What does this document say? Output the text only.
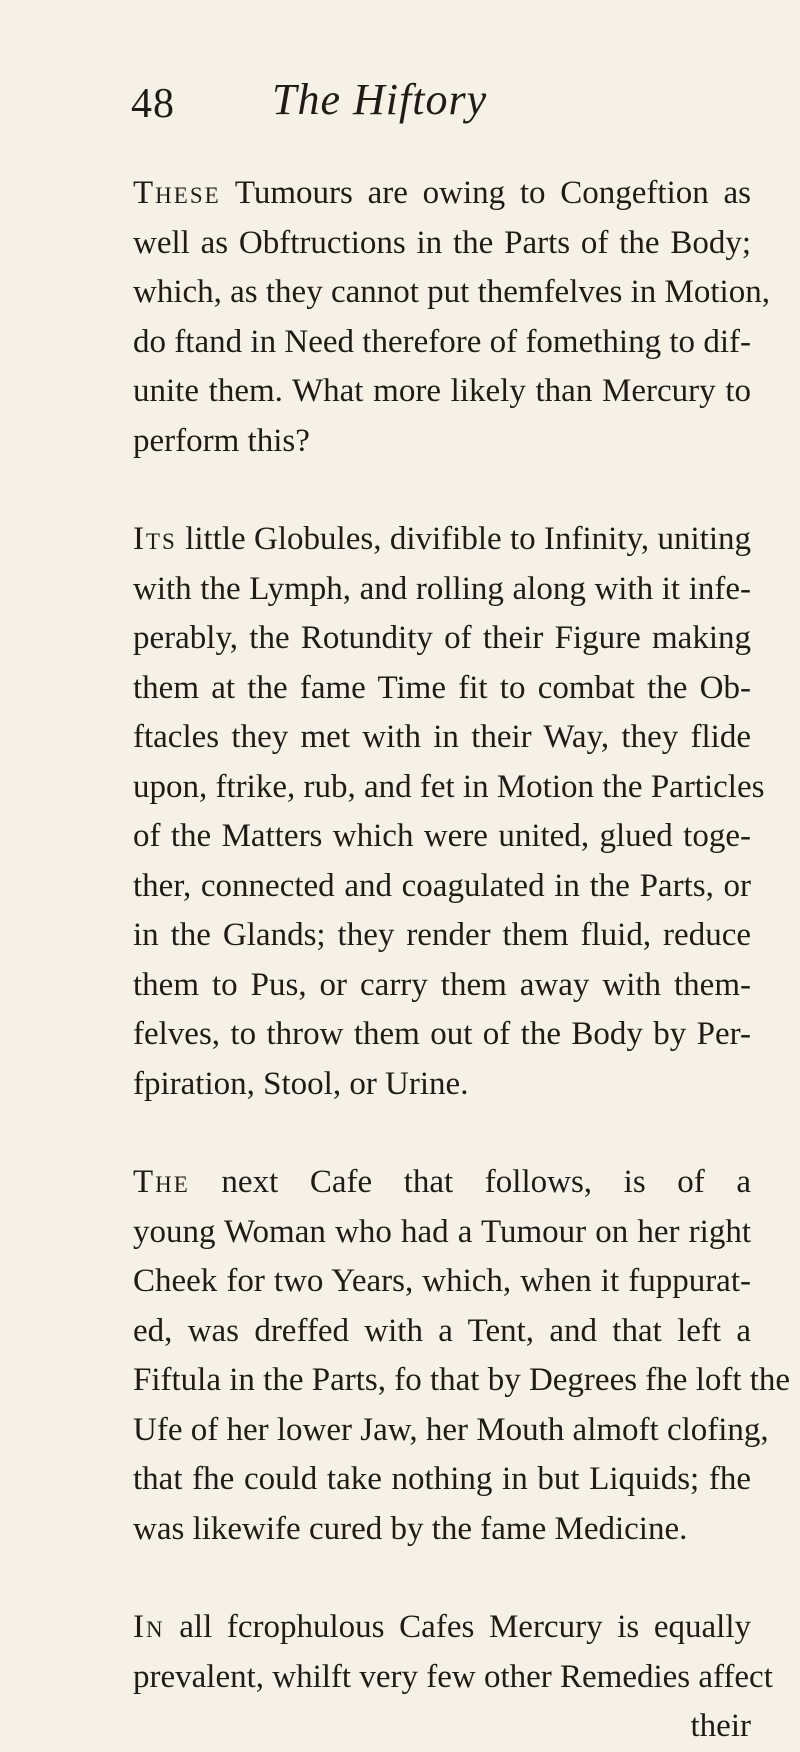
48 The Hiftory

These Tumours are owing to Congeftion as
well as Obftructions in the Parts of the Body;
which, as they cannot put themfelves in Motion,
do ftand in Need therefore of fomething to dif-
unite them. What more likely than Mercury to
perform this?

Its little Globules, divifible to Infinity, uniting
with the Lymph, and rolling along with it infe-
perably, the Rotundity of their Figure making
them at the fame Time fit to combat the Ob-
ftacles they met with in their Way, they flide
upon, ftrike, rub, and fet in Motion the Particles
of the Matters which were united, glued toge-
ther, connected and coagulated in the Parts, or
in the Glands; they render them fluid, reduce
them to Pus, or carry them away with them-
felves, to throw them out of the Body by Per-
fpiration, Stool, or Urine.

The next Cafe that follows, is of a
young Woman who had a Tumour on her right
Cheek for two Years, which, when it fuppurat-
ed, was dreffed with a Tent, and that left a
Fiftula in the Parts, fo that by Degrees fhe loft the
Ufe of her lower Jaw, her Mouth almoft clofing,
that fhe could take nothing in but Liquids; fhe
was likewife cured by the fame Medicine.

In all fcrophulous Cafes Mercury is equally
prevalent, whilft very few other Remedies affect
their
